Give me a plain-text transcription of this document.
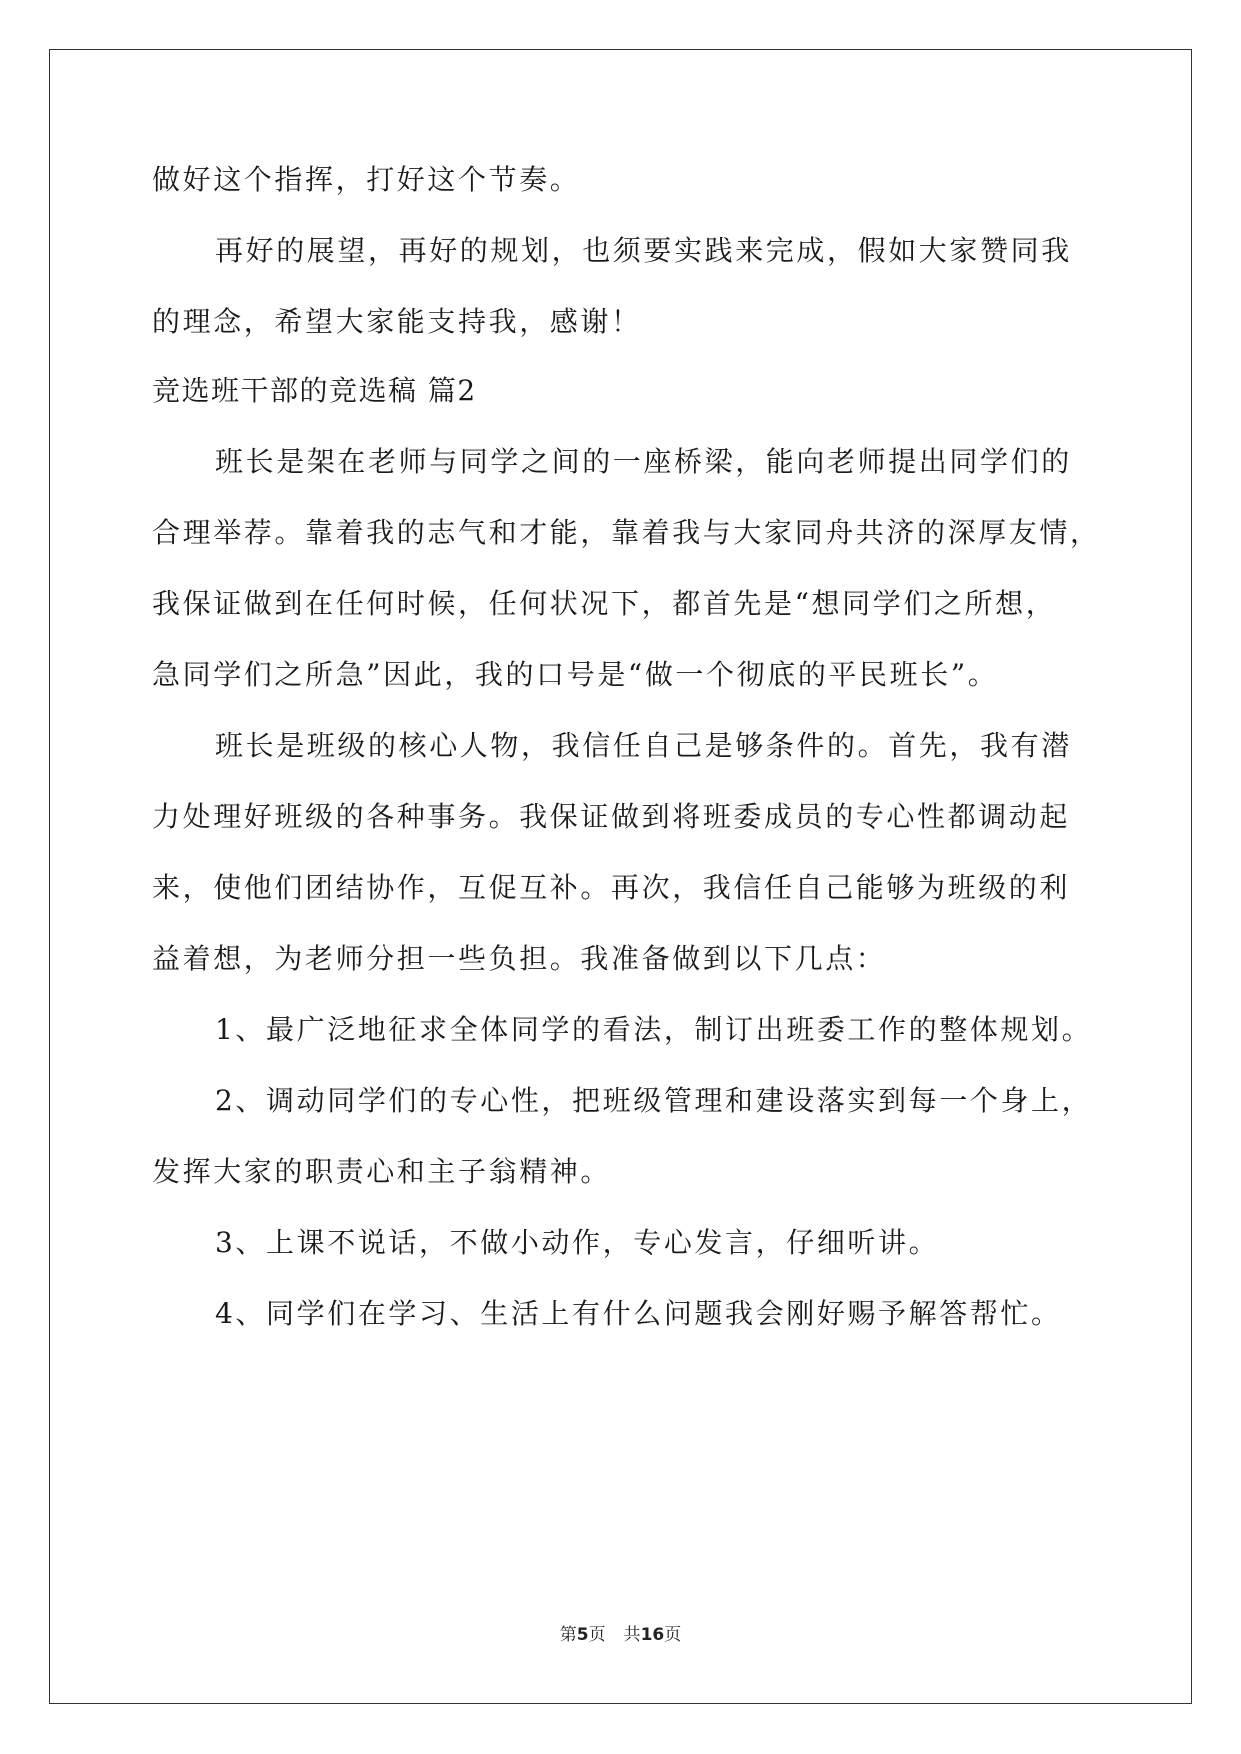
做好这个指挥，打好这个节奏。
再好的展望，再好的规划，也须要实践来完成，假如大家赞同我
的理念，希望大家能支持我，感谢！
竞选班干部的竞选稿 篇2
班长是架在老师与同学之间的一座桥梁，能向老师提出同学们的
合理举荐。靠着我的志气和才能，靠着我与大家同舟共济的深厚友情，
我保证做到在任何时候，任何状况下，都首先是“想同学们之所想，
急同学们之所急”因此，我的口号是“做一个彻底的平民班长”。
班长是班级的核心人物，我信任自己是够条件的。首先，我有潜
力处理好班级的各种事务。我保证做到将班委成员的专心性都调动起
来，使他们团结协作，互促互补。再次，我信任自己能够为班级的利
益着想，为老师分担一些负担。我准备做到以下几点：
1、最广泛地征求全体同学的看法，制订出班委工作的整体规划。
2、调动同学们的专心性，把班级管理和建设落实到每一个身上，
发挥大家的职责心和主子翁精神。
3、上课不说话，不做小动作，专心发言，仔细听讲。
4、同学们在学习、生活上有什么问题我会刚好赐予解答帮忙。
第5页 共16页
